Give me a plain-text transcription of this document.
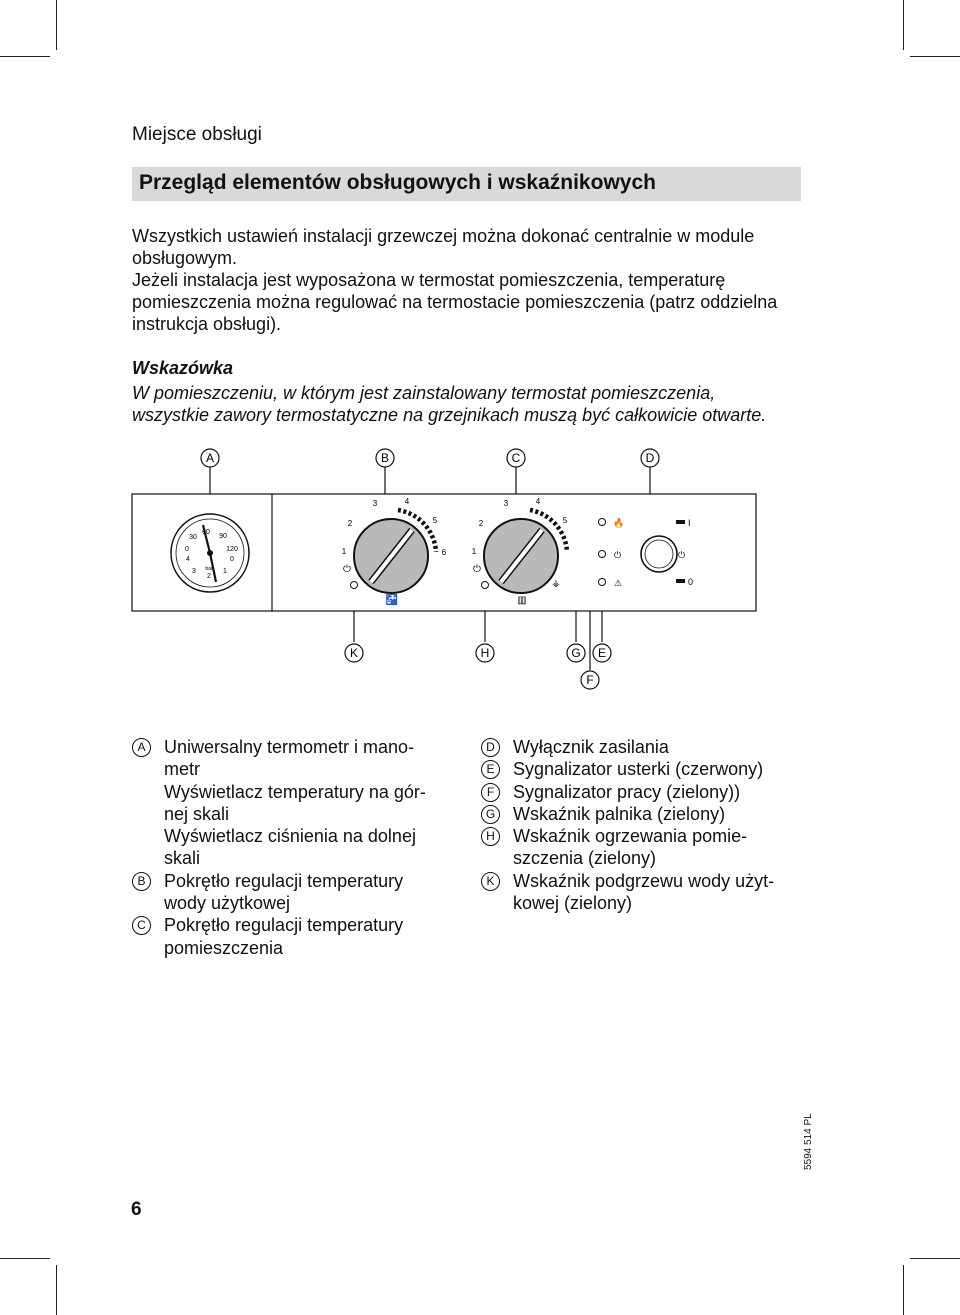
Miejsce obsługi
Przegląd elementów obsługowych i wskaźnikowych

Wszystkich ustawień instalacji grzewczej można dokonać centralnie w module obsługowym.

Jeżeli instalacja jest wyposażona w termostat pomieszczenia, temperaturę pomieszczenia można regulować na termostacie pomieszczenia (patrz oddzielna instrukcja obsługi).

Wskazówka

W pomieszczeniu, w którym jest zainstalowany termostat pomieszczenia,

wszystkie zawory termostatyczne na grzejnikach muszą być całkowicie otwarte.

60
90
30
120
0
4	0
3
2
1
bar
1
2
3	4
5
6
⏻
🚰
1
2
3	4
5
⏻
▥
⚶
🔥
⏻
⚠
I
0
⏻
A	B	C	D
K	H	G E
F
A	Uniwersalny termometr i mano-
metr
Wyświetlacz temperatury na gór-
nej skali
Wyświetlacz ciśnienia na dolnej
skali
B	Pokrętło regulacji temperatury
wody użytkowej
C Pokrętło regulacji temperatury
pomieszczenia
D Wyłącznik zasilania
E	Sygnalizator usterki (czerwony)
F	Sygnalizator pracy (zielony))
G Wskaźnik palnika (zielony)
H Wskaźnik ogrzewania pomie-
szczenia (zielony)
K	Wskaźnik podgrzewu wody użyt-
kowej (zielony)
5594 514 PL
6
